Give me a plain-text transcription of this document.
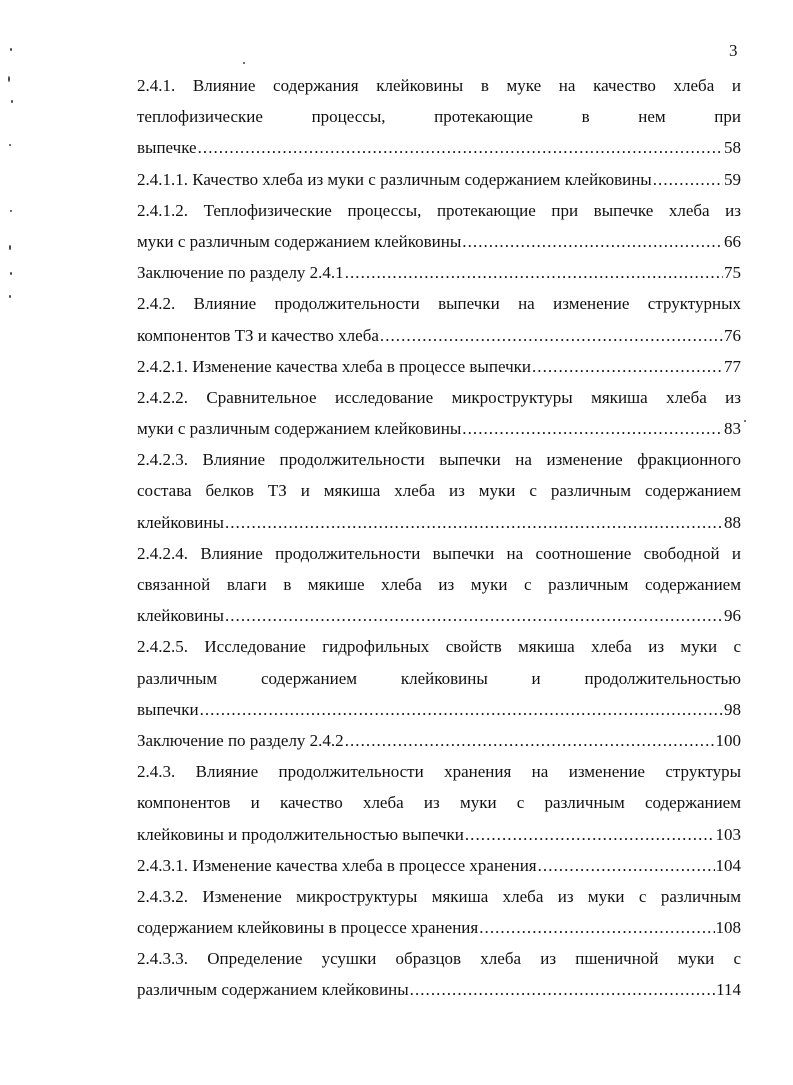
3
2.4.1. Влияние содержания клейковины в муке на качество хлеба и
теплофизические процессы, протекающие в нем при
выпечке . . .	58
2.4.1.1. Качество хлеба из муки с различным содержанием клейковины . . .	59
2.4.1.2. Теплофизические процессы, протекающие при выпечке хлеба из
муки с различным содержанием клейковины . . .	66
Заключение по разделу 2.4.1 . . .	75
2.4.2. Влияние продолжительности выпечки на изменение структурных
компонентов ТЗ и качество хлеба . . .	76
2.4.2.1. Изменение качества хлеба в процессе выпечки . . .	77
2.4.2.2. Сравнительное исследование микроструктуры мякиша хлеба из
муки с различным содержанием клейковины . . .	83
2.4.2.3. Влияние продолжительности выпечки на изменение фракционного
состава белков ТЗ и мякиша хлеба из муки с различным содержанием
клейковины . . .	88
2.4.2.4. Влияние продолжительности выпечки на соотношение свободной и
связанной влаги в мякише хлеба из муки с различным содержанием
клейковины . . .	96
2.4.2.5. Исследование гидрофильных свойств мякиша хлеба из муки с
различным содержанием клейковины и продолжительностью
выпечки . . .	98
Заключение по разделу 2.4.2 . . .	100
2.4.3. Влияние продолжительности хранения на изменение структуры
компонентов и качество хлеба из муки с различным содержанием
клейковины и продолжительностью выпечки . . .	103
2.4.3.1. Изменение качества хлеба в процессе хранения . . .	104
2.4.3.2. Изменение микроструктуры мякиша хлеба из муки с различным
содержанием клейковины в процессе хранения . . .	108
2.4.3.3. Определение усушки образцов хлеба из пшеничной муки с
различным содержанием клейковины . . .	114
